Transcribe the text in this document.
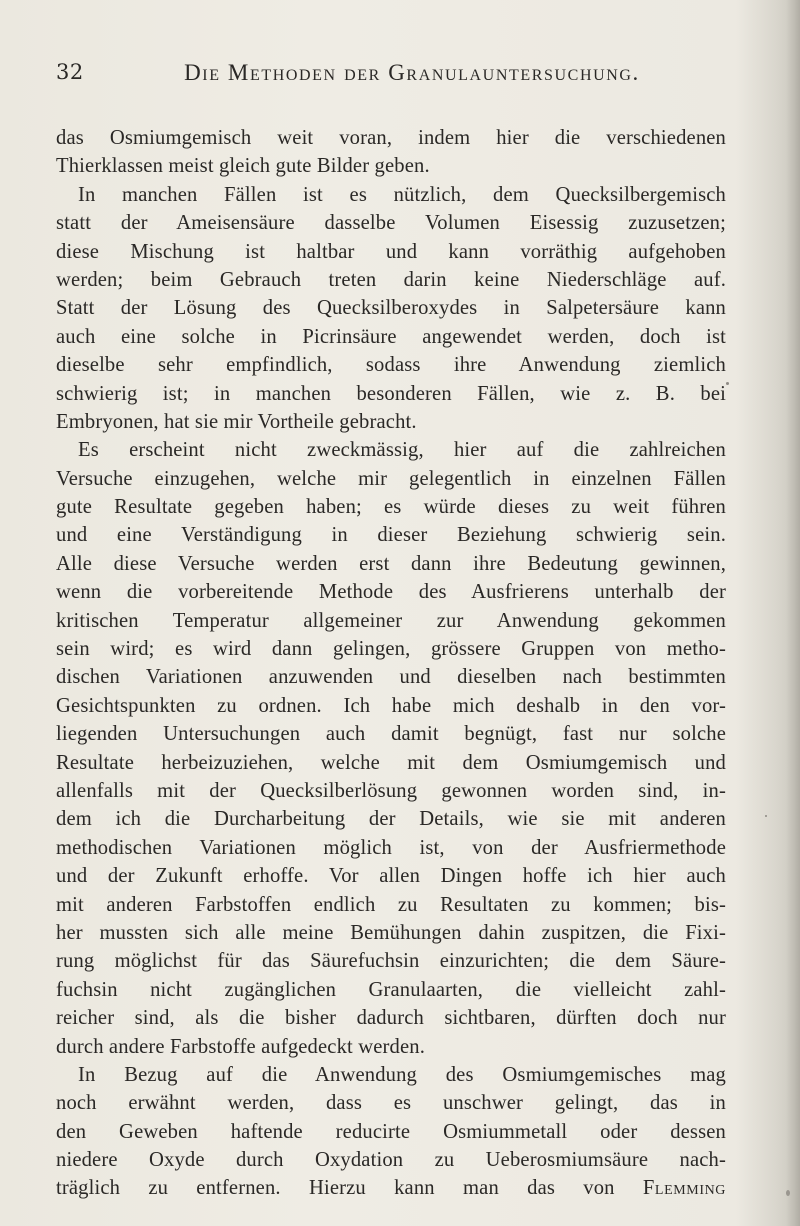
32	Die Methoden der Granulauntersuchung.
das Osmiumgemisch weit voran, indem hier die verschiedenen
Thierklassen meist gleich gute Bilder geben.
In manchen Fällen ist es nützlich, dem Quecksilbergemisch
statt der Ameisensäure dasselbe Volumen Eisessig zuzusetzen;
diese Mischung ist haltbar und kann vorräthig aufgehoben
werden; beim Gebrauch treten darin keine Niederschläge auf.
Statt der Lösung des Quecksilberoxydes in Salpetersäure kann
auch eine solche in Picrinsäure angewendet werden, doch ist
dieselbe sehr empfindlich, sodass ihre Anwendung ziemlich
schwierig ist; in manchen besonderen Fällen, wie z. B. bei
Embryonen, hat sie mir Vortheile gebracht.
Es erscheint nicht zweckmässig, hier auf die zahlreichen
Versuche einzugehen, welche mir gelegentlich in einzelnen Fällen
gute Resultate gegeben haben; es würde dieses zu weit führen
und eine Verständigung in dieser Beziehung schwierig sein.
Alle diese Versuche werden erst dann ihre Bedeutung gewinnen,
wenn die vorbereitende Methode des Ausfrierens unterhalb der
kritischen Temperatur allgemeiner zur Anwendung gekommen
sein wird; es wird dann gelingen, grössere Gruppen von metho-
dischen Variationen anzuwenden und dieselben nach bestimmten
Gesichtspunkten zu ordnen. Ich habe mich deshalb in den vor-
liegenden Untersuchungen auch damit begnügt, fast nur solche
Resultate herbeizuziehen, welche mit dem Osmiumgemisch und
allenfalls mit der Quecksilberlösung gewonnen worden sind, in-
dem ich die Durcharbeitung der Details, wie sie mit anderen
methodischen Variationen möglich ist, von der Ausfriermethode
und der Zukunft erhoffe. Vor allen Dingen hoffe ich hier auch
mit anderen Farbstoffen endlich zu Resultaten zu kommen; bis-
her mussten sich alle meine Bemühungen dahin zuspitzen, die Fixi-
rung möglichst für das Säurefuchsin einzurichten; die dem Säure-
fuchsin nicht zugänglichen Granulaarten, die vielleicht zahl-
reicher sind, als die bisher dadurch sichtbaren, dürften doch nur
durch andere Farbstoffe aufgedeckt werden.
In Bezug auf die Anwendung des Osmiumgemisches mag
noch erwähnt werden, dass es unschwer gelingt, das in
den Geweben haftende reducirte Osmiummetall oder dessen
niedere Oxyde durch Oxydation zu Ueberosmiumsäure nach-
träglich zu entfernen. Hierzu kann man das von Flemming
